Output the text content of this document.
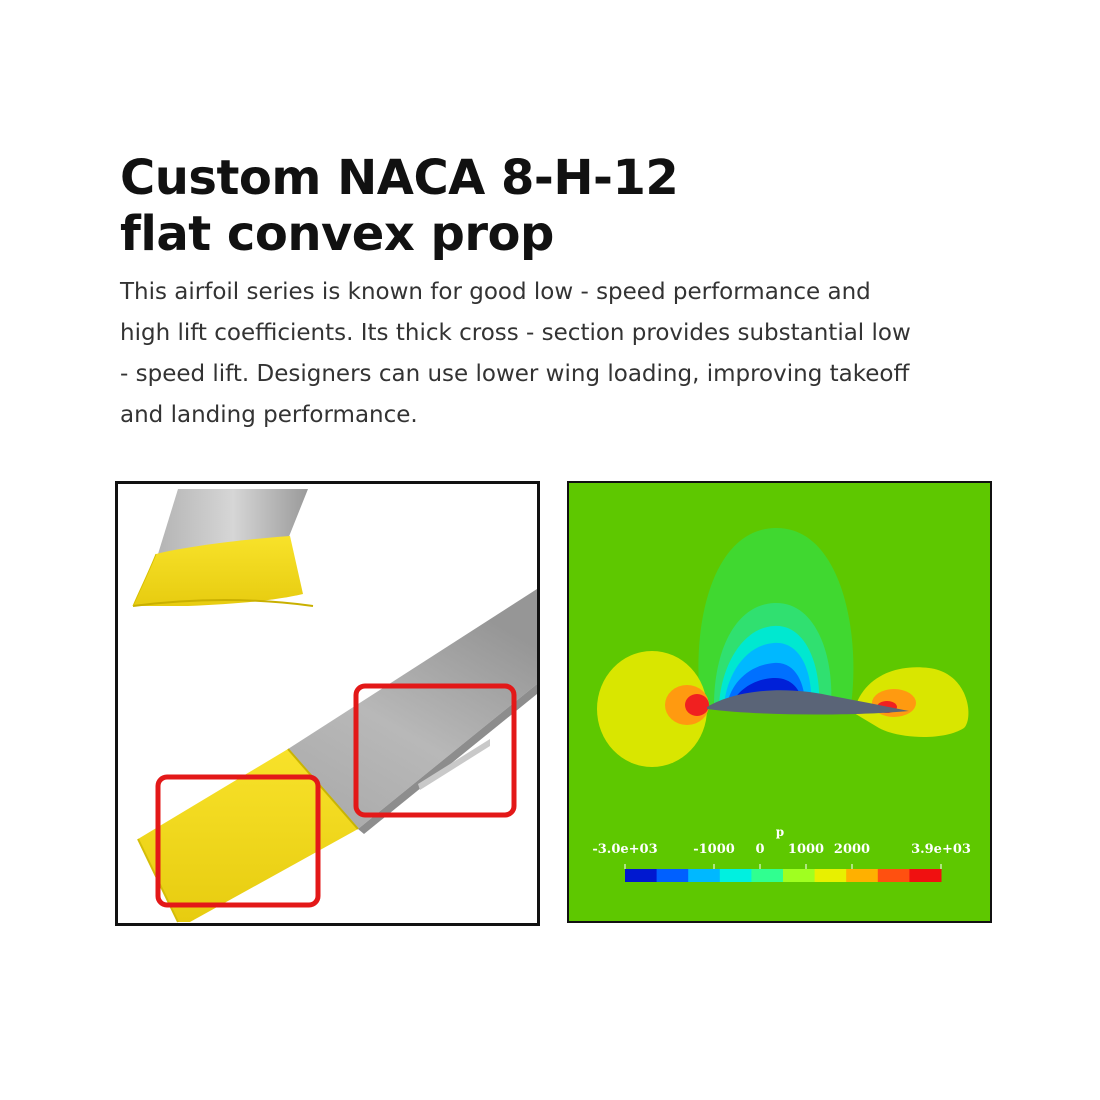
Custom NACA 8-H-12
flat convex prop

This airfoil series is known for good low - speed performance and high lift coefficients. Its thick cross - section provides substantial low - speed lift. Designers can use lower wing loading, improving takeoff and landing performance.

p
-3.0e+03	-1000 0 1000 2000	3.9e+03
